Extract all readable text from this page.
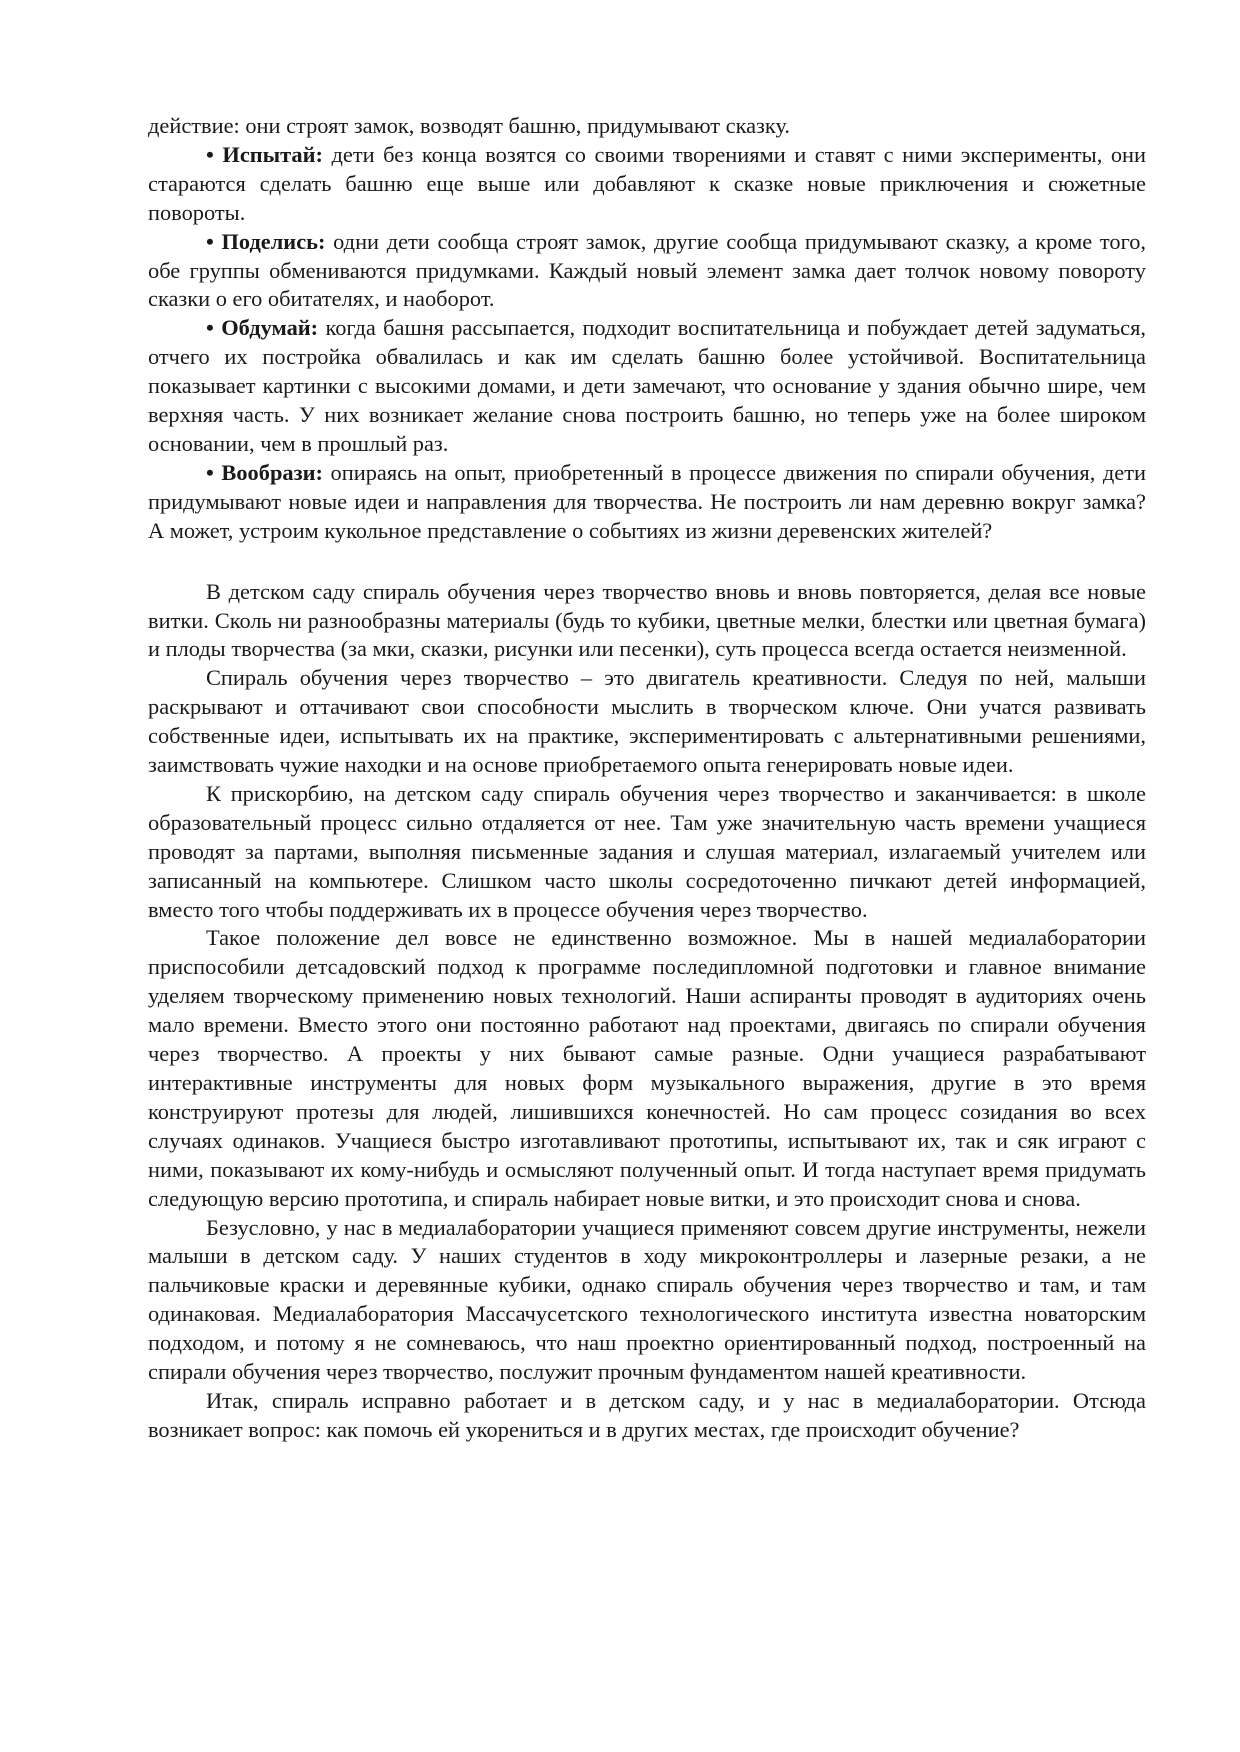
действие: они строят замок, возводят башню, придумывают сказку.

• Испытай: дети без конца возятся со своими творениями и ставят с ними эксперименты, они стараются сделать башню еще выше или добавляют к сказке новые приключения и сюжетные повороты.

• Поделись: одни дети сообща строят замок, другие сообща придумывают сказку, а кроме того, обе группы обмениваются придумками. Каждый новый элемент замка дает толчок новому повороту сказки о его обитателях, и наоборот.

• Обдумай: когда башня рассыпается, подходит воспитательница и побуждает детей задуматься, отчего их постройка обвалилась и как им сделать башню более устойчивой. Воспитательница показывает картинки с высокими домами, и дети замечают, что основание у здания обычно шире, чем верхняя часть. У них возникает желание снова построить башню, но теперь уже на более широком основании, чем в прошлый раз.

• Вообрази: опираясь на опыт, приобретенный в процессе движения по спирали обучения, дети придумывают новые идеи и направления для творчества. Не построить ли нам деревню вокруг замка? А может, устроим кукольное представление о событиях из жизни деревенских жителей?

В детском саду спираль обучения через творчество вновь и вновь повторяется, делая все новые витки. Сколь ни разнообразны материалы (будь то кубики, цветные мелки, блестки или цветная бумага) и плоды творчества (за мки, сказки, рисунки или песенки), суть процесса всегда остается неизменной.

Спираль обучения через творчество – это двигатель креативности. Следуя по ней, малыши раскрывают и оттачивают свои способности мыслить в творческом ключе. Они учатся развивать собственные идеи, испытывать их на практике, экспериментировать с альтернативными решениями, заимствовать чужие находки и на основе приобретаемого опыта генерировать новые идеи.

К прискорбию, на детском саду спираль обучения через творчество и заканчивается: в школе образовательный процесс сильно отдаляется от нее. Там уже значительную часть времени учащиеся проводят за партами, выполняя письменные задания и слушая материал, излагаемый учителем или записанный на компьютере. Слишком часто школы сосредоточенно пичкают детей информацией, вместо того чтобы поддерживать их в процессе обучения через творчество.

Такое положение дел вовсе не единственно возможное. Мы в нашей медиалаборатории приспособили детсадовский подход к программе последипломной подготовки и главное внимание уделяем творческому применению новых технологий. Наши аспиранты проводят в аудиториях очень мало времени. Вместо этого они постоянно работают над проектами, двигаясь по спирали обучения через творчество. А проекты у них бывают самые разные. Одни учащиеся разрабатывают интерактивные инструменты для новых форм музыкального выражения, другие в это время конструируют протезы для людей, лишившихся конечностей. Но сам процесс созидания во всех случаях одинаков. Учащиеся быстро изготавливают прототипы, испытывают их, так и сяк играют с ними, показывают их кому-нибудь и осмысляют полученный опыт. И тогда наступает время придумать следующую версию прототипа, и спираль набирает новые витки, и это происходит снова и снова.

Безусловно, у нас в медиалаборатории учащиеся применяют совсем другие инструменты, нежели малыши в детском саду. У наших студентов в ходу микроконтроллеры и лазерные резаки, а не пальчиковые краски и деревянные кубики, однако спираль обучения через творчество и там, и там одинаковая. Медиалаборатория Массачусетского технологического института известна новаторским подходом, и потому я не сомневаюсь, что наш проектно ориентированный подход, построенный на спирали обучения через творчество, послужит прочным фундаментом нашей креативности.

Итак, спираль исправно работает и в детском саду, и у нас в медиалаборатории. Отсюда возникает вопрос: как помочь ей укорениться и в других местах, где происходит обучение?
